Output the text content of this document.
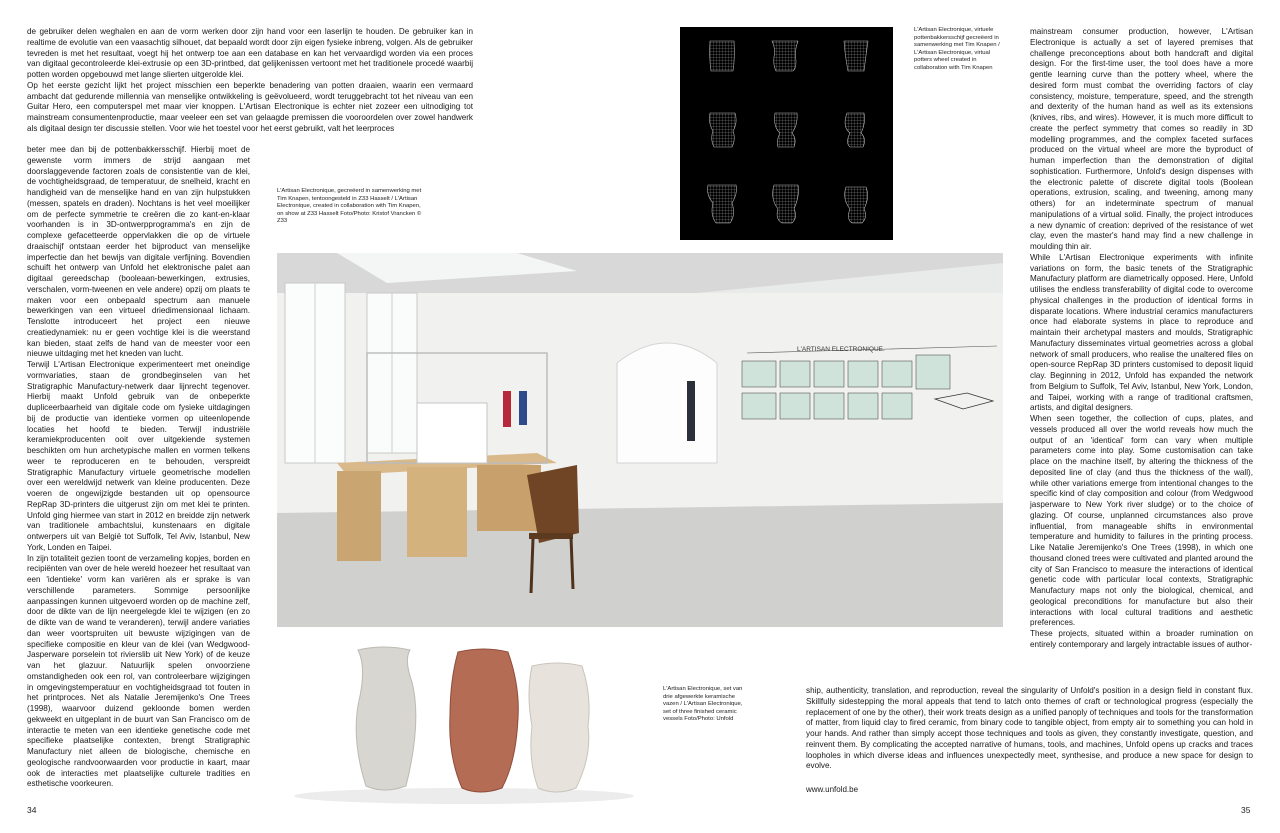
de gebruiker delen weghalen en aan de vorm werken door zijn hand voor een laserlijn te houden. De gebruiker kan in realtime de evolutie van een vaasachtig silhouet, dat bepaald wordt door zijn eigen fysieke inbreng, volgen. Als de gebruiker tevreden is met het resultaat, voegt hij het ontwerp toe aan een database en kan het vervaardigd worden via een proces van digitaal gecontroleerde klei-extrusie op een 3D-printbed, dat gelijkenissen vertoont met het traditionele procedé waarbij potten worden opgebouwd met lange slierten uitgerolde klei.

Op het eerste gezicht lijkt het project misschien een beperkte benadering van potten draaien, waarin een vermaard ambacht dat gedurende millennia van menselijke ontwikkeling is geëvolueerd, wordt teruggebracht tot het niveau van een Guitar Hero, een computerspel met maar vier knoppen. L'Artisan Electronique is echter niet zozeer een uitnodiging tot mainstream consumentenproductie, maar veeleer een set van gelaagde premissen die vooroordelen over zowel handwerk als digitaal design ter discussie stellen. Voor wie het toestel voor het eerst gebruikt, valt het leerproces

beter mee dan bij de pottenbakkersschijf. Hierbij moet de gewenste vorm immers de strijd aangaan met doorslaggevende factoren zoals de consistentie van de klei, de vochtigheidsgraad, de temperatuur, de snelheid, kracht en handigheid van de menselijke hand en van zijn hulpstukken (messen, spatels en draden). Nochtans is het veel moeilijker om de perfecte symmetrie te creëren die zo kant-en-klaar voorhanden is in 3D-ontwerpprogramma's en zijn de complexe gefacetteerde oppervlakken die op de virtuele draaischijf ontstaan eerder het bijproduct van menselijke imperfectie dan het bewijs van digitale verfijning. Bovendien schuift het ontwerp van Unfold het elektronische palet aan digitaal gereedschap (booleaan-bewerkingen, extrusies, verschalen, vorm-tweenen en vele andere) opzij om plaats te maken voor een onbepaald spectrum aan manuele bewerkingen van een virtueel driedimensionaal lichaam. Tenslotte introduceert het project een nieuwe creatiedynamiek: nu er geen vochtige klei is die weerstand kan bieden, staat zelfs de hand van de meester voor een nieuwe uitdaging met het kneden van lucht.

Terwijl L'Artisan Electronique experimenteert met oneindige vormvariaties, staan de grondbeginselen van het Stratigraphic Manufactury-netwerk daar lijnrecht tegenover. Hierbij maakt Unfold gebruik van de onbeperkte dupliceerbaarheid van digitale code om fysieke uitdagingen bij de productie van identieke vormen op uiteenlopende locaties het hoofd te bieden. Terwijl industriële keramiekproducenten ooit over uitgekiende systemen beschikten om hun archetypische mallen en vormen telkens weer te reproduceren en te behouden, verspreidt Stratigraphic Manufactury virtuele geometrische modellen over een wereldwijd netwerk van kleine producenten. Deze voeren de ongewijzigde bestanden uit op opensource RepRap 3D-printers die uitgerust zijn om met klei te printen. Unfold ging hiermee van start in 2012 en breidde zijn netwerk van traditionele ambachtslui, kunstenaars en digitale ontwerpers uit van België tot Suffolk, Tel Aviv, Istanbul, New York, Londen en Taipei.

In zijn totaliteit gezien toont de verzameling kopjes, borden en recipiënten van over de hele wereld hoezeer het resultaat van een 'identieke' vorm kan variëren als er sprake is van verschillende parameters. Sommige persoonlijke aanpassingen kunnen uitgevoerd worden op de machine zelf, door de dikte van de lijn neergelegde klei te wijzigen (en zo de dikte van de wand te veranderen), terwijl andere variaties dan weer voortspruiten uit bewuste wijzigingen van de specifieke compositie en kleur van de klei (van Wedgwood-Jasperware porselein tot rivierslib uit New York) of de keuze van het glazuur. Natuurlijk spelen onvoorziene omstandigheden ook een rol, van controleerbare wijzigingen in omgevingstemperatuur en vochtigheidsgraad tot fouten in het printproces. Net als Natalie Jeremijenko's One Trees (1998), waarvoor duizend gekloonde bomen werden gekweekt en uitgeplant in de buurt van San Francisco om de interactie te meten van een identieke genetische code met specifieke plaatselijke contexten, brengt Stratigraphic Manufactury niet alleen de biologische, chemische en geologische randvoorwaarden voor productie in kaart, maar ook de interacties met plaatselijke culturele tradities en esthetische voorkeuren.

34
L'Artisan Electronique, gecreëerd in samenwerking met Tim Knapen, tentoongesteld in Z33 Hasselt / L'Artisan Electronique, created in collaboration with Tim Knapen, on show at Z33 Hasselt Foto/Photo: Kristof Vrancken © Z33
L'Artisan Electronique, virtuele pottenbakkersschijf gecreëerd in samenwerking met Tim Knapen / L'Artisan Electronique, virtual potters wheel created in collaboration with Tim Knapen
L'ARTISAN ELECTRONIQUE.
L'Artisan Electronique, set van drie afgewerkte keramische vazen / L'Artisan Electronique, set of three finished ceramic vessels Foto/Photo: Unfold

mainstream consumer production, however, L'Artisan Electronique is actually a set of layered premises that challenge preconceptions about both handcraft and digital design. For the first-time user, the tool does have a more gentle learning curve than the pottery wheel, where the desired form must combat the overriding factors of clay consistency, moisture, temperature, speed, and the strength and dexterity of the human hand as well as its extensions (knives, ribs, and wires). However, it is much more difficult to create the perfect symmetry that comes so readily in 3D modelling programmes, and the complex faceted surfaces produced on the virtual wheel are more the byproduct of human imperfection than the demonstration of digital sophistication. Furthermore, Unfold's design dispenses with the electronic palette of discrete digital tools (Boolean operations, extrusion, scaling, and tweening, among many others) for an indeterminate spectrum of manual manipulations of a virtual solid. Finally, the project introduces a new dynamic of creation: deprived of the resistance of wet clay, even the master's hand may find a new challenge in moulding thin air.

While L'Artisan Electronique experiments with infinite variations on form, the basic tenets of the Stratigraphic Manufactury platform are diametrically opposed. Here, Unfold utilises the endless transferability of digital code to overcome physical challenges in the production of identical forms in disparate locations. Where industrial ceramics manufacturers once had elaborate systems in place to reproduce and maintain their archetypal masters and moulds, Stratigraphic Manufactury disseminates virtual geometries across a global network of small producers, who realise the unaltered files on open-source RepRap 3D printers customised to deposit liquid clay. Beginning in 2012, Unfold has expanded the network from Belgium to Suffolk, Tel Aviv, Istanbul, New York, London, and Taipei, working with a range of traditional craftsmen, artists, and digital designers.

When seen together, the collection of cups, plates, and vessels produced all over the world reveals how much the output of an 'identical' form can vary when multiple parameters come into play. Some customisation can take place on the machine itself, by altering the thickness of the deposited line of clay (and thus the thickness of the wall), while other variations emerge from intentional changes to the specific kind of clay composition and colour (from Wedgwood jasperware to New York river sludge) or to the choice of glazing. Of course, unplanned circumstances also prove influential, from manageable shifts in environmental temperature and humidity to failures in the printing process. Like Natalie Jeremijenko's One Trees (1998), in which one thousand cloned trees were cultivated and planted around the city of San Francisco to measure the interactions of identical genetic code with particular local contexts, Stratigraphic Manufactury maps not only the biological, chemical, and geological preconditions for manufacture but also their interactions with local cultural traditions and aesthetic preferences.

These projects, situated within a broader rumination on entirely contemporary and largely intractable issues of author-

ship, authenticity, translation, and reproduction, reveal the singularity of Unfold's position in a design field in constant flux. Skillfully sidestepping the moral appeals that tend to latch onto themes of craft or technological progress (especially the replacement of one by the other), their work treats design as a unified panoply of techniques and tools for the transformation of matter, from liquid clay to fired ceramic, from binary code to tangible object, from empty air to something you can hold in your hands. And rather than simply accept those techniques and tools as given, they constantly investigate, question, and reinvent them. By complicating the accepted narrative of humans, tools, and machines, Unfold opens up cracks and traces loopholes in which diverse ideas and influences unexpectedly meet, synthesise, and produce a new space for design to evolve.

www.unfold.be
35
